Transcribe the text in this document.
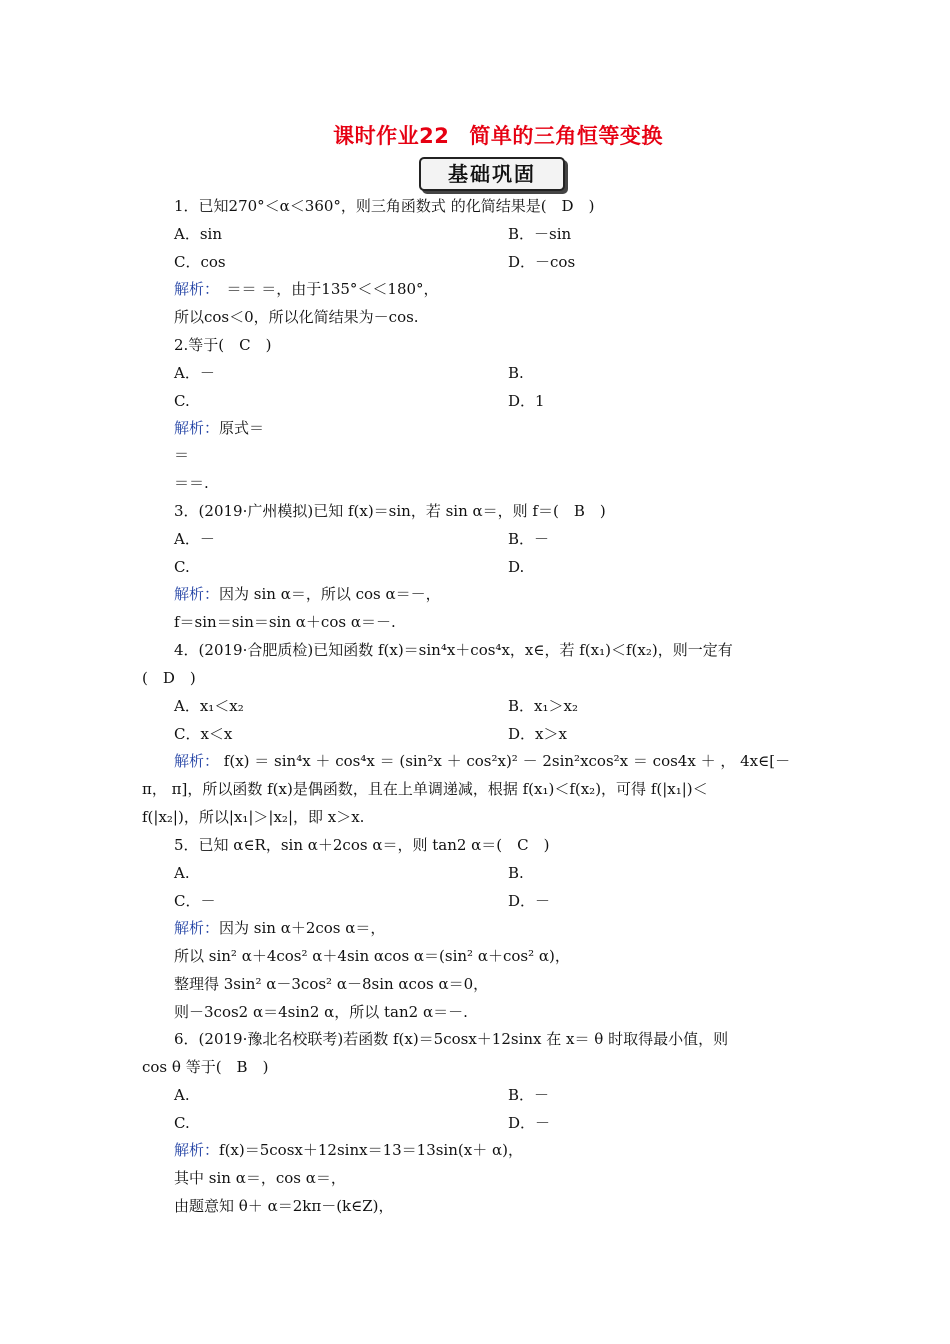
课时作业22 简单的三角恒等变换
基础巩固
1．已知270°＜α＜360°，则三角函数式 的化简结果是(　D　)
A．sin	B．－sin
C．cos	D．－cos
解析：　＝＝ ＝，由于135°＜＜180°，
所以cos＜0，所以化简结果为－cos.
2.等于(　C　)
A．－	B.
C.	D．1
解析：原式＝
＝
＝＝.
3．(2019·广州模拟)已知 f(x)＝sin，若 sin α＝，则 f＝(　B　)
A．－	B．－
C.	D.
解析：因为 sin α＝，所以 cos α＝－，
f＝sin＝sin＝sin α＋cos α＝－.
4．(2019·合肥质检)已知函数 f(x)＝sin⁴x＋cos⁴x，x∈，若 f(x₁)＜f(x₂)，则一定有
(　D　)
A．x₁＜x₂	B．x₁＞x₂
C．x＜x	D．x＞x
解析： f(x) ＝ sin⁴x ＋ cos⁴x ＝ (sin²x ＋ cos²x)² － 2sin²xcos²x ＝ cos4x ＋ ， 4x∈[－
π， π]，所以函数 f(x)是偶函数，且在上单调递减，根据 f(x₁)＜f(x₂)，可得 f(|x₁|)＜
f(|x₂|)，所以|x₁|＞|x₂|，即 x＞x.
5．已知 α∈R，sin α＋2cos α＝，则 tan2 α＝(　C　)
A.	B.
C．－	D．－
解析：因为 sin α＋2cos α＝，
所以 sin² α＋4cos² α＋4sin αcos α＝(sin² α＋cos² α)，
整理得 3sin² α－3cos² α－8sin αcos α＝0，
则－3cos2 α＝4sin2 α，所以 tan2 α＝－.
6．(2019·豫北名校联考)若函数 f(x)＝5cosx＋12sinx 在 x＝ θ 时取得最小值，则
cos θ 等于(　B　)
A.	B．－
C.	D．－
解析：f(x)＝5cosx＋12sinx＝13＝13sin(x＋ α)，
其中 sin α＝，cos α＝，
由题意知 θ＋ α＝2kπ－(k∈Z)，
